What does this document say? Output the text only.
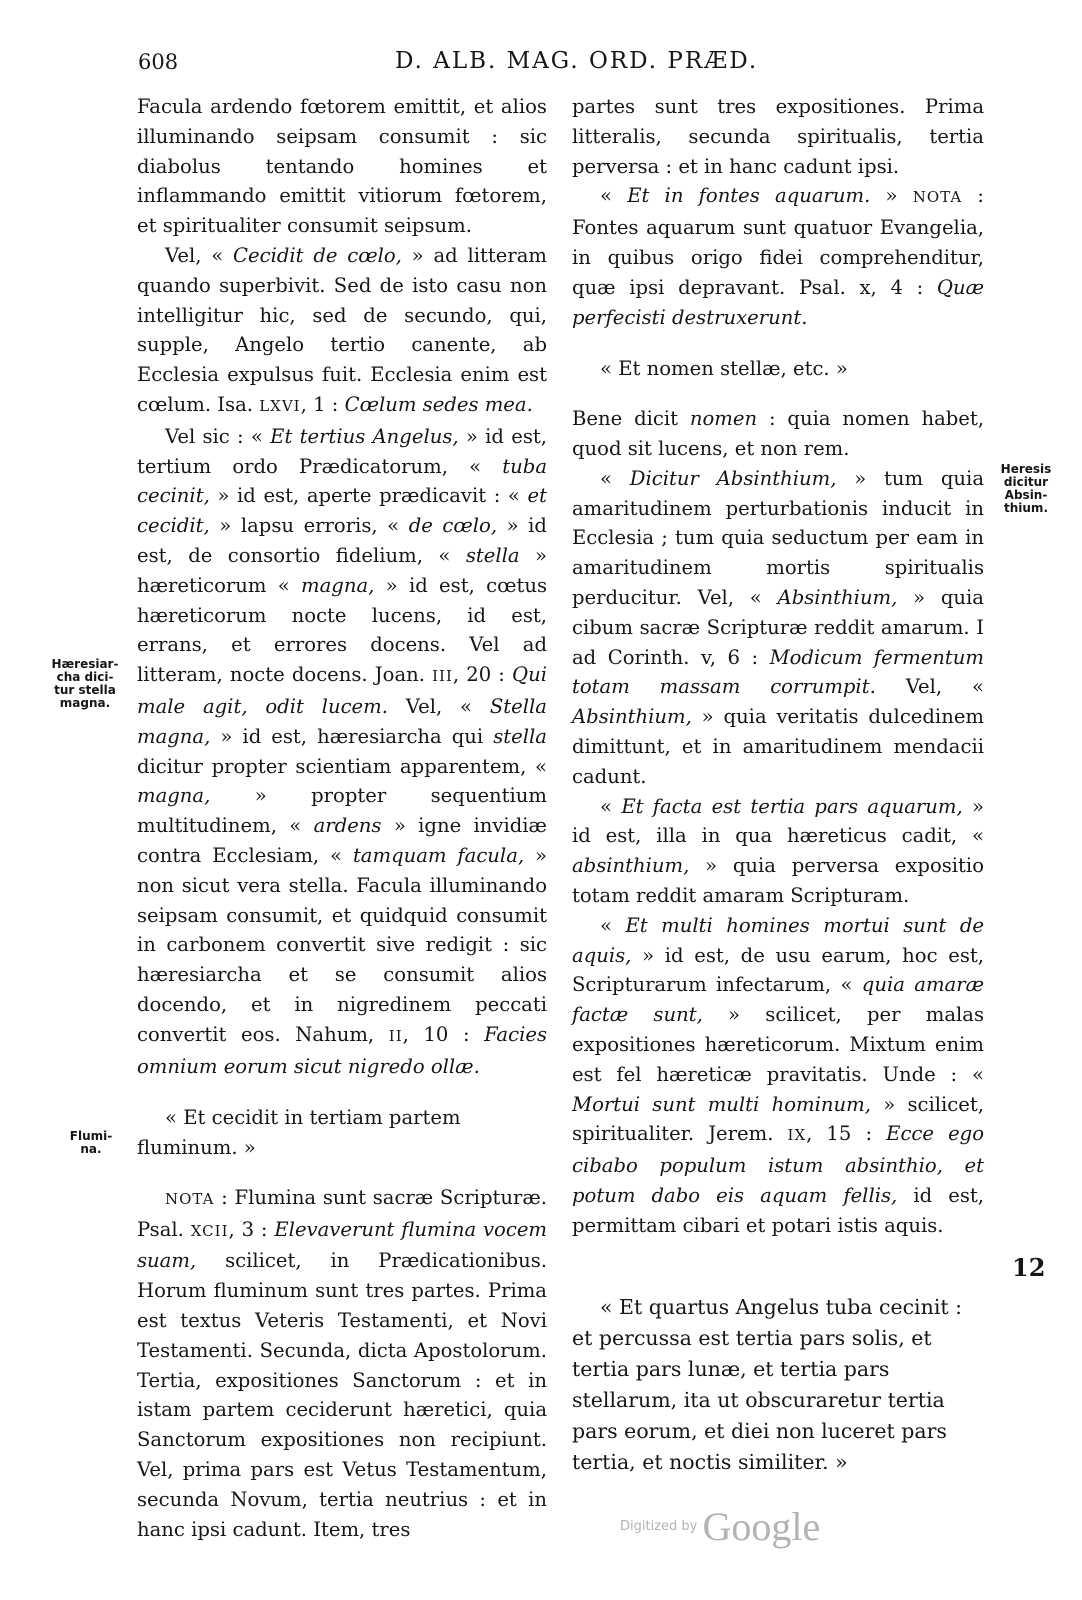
608	D. ALB. MAG. ORD. PRÆD.

Facula ardendo fœtorem emittit, et alios illuminando seipsam consumit : sic diabolus tentando homines et inflammando emittit vitiorum fœtorem, et spiritualiter consumit seipsum.

Vel, « Cecidit de cœlo, » ad litteram quando superbivit. Sed de isto casu non intelligitur hic, sed de secundo, qui, supple, Angelo tertio canente, ab Ecclesia expulsus fuit. Ecclesia enim est cœlum. Isa. LXVI, 1 : Cœlum sedes mea.

Vel sic : « Et tertius Angelus, » id est, tertium ordo Prædicatorum, « tuba cecinit, » id est, aperte prædicavit : « et cecidit, » lapsu erroris, « de cœlo, » id est, de consortio fidelium, « stella » hæreticorum « magna, » id est, cœtus hæreticorum nocte lucens, id est, errans, et errores docens. Vel ad litteram, nocte docens. Joan. III, 20 : Qui male agit, odit lucem. Vel, « Stella magna, » id est, hæresiarcha qui stella dicitur propter scientiam apparentem, « magna, » propter sequentium multitudinem, « ardens » igne invidiæ contra Ecclesiam, « tamquam facula, » non sicut vera stella. Facula illuminando seipsam consumit, et quidquid consumit in carbonem convertit sive redigit : sic hæresiarcha et se consumit alios docendo, et in nigredinem peccati convertit eos. Nahum, II, 10 : Facies omnium eorum sicut nigredo ollæ.

« Et cecidit in tertiam partem fluminum. »

NOTA : Flumina sunt sacræ Scripturæ. Psal. XCII, 3 : Elevaverunt flumina vocem suam, scilicet, in Prædicationibus. Horum fluminum sunt tres partes. Prima est textus Veteris Testamenti, et Novi Testamenti. Secunda, dicta Apostolorum. Tertia, expositiones Sanctorum : et in istam partem ceciderunt hæretici, quia Sanctorum expositiones non recipiunt. Vel, prima pars est Vetus Testamentum, secunda Novum, tertia neutrius : et in hanc ipsi cadunt. Item, tres

partes sunt tres expositiones. Prima litteralis, secunda spiritualis, tertia perversa : et in hanc cadunt ipsi.

« Et in fontes aquarum. » NOTA : Fontes aquarum sunt quatuor Evangelia, in quibus origo fidei comprehenditur, quæ ipsi depravant. Psal. x, 4 : Quæ perfecisti destruxerunt.

« Et nomen stellæ, etc. »

Bene dicit nomen : quia nomen habet, quod sit lucens, et non rem.

« Dicitur Absinthium, » tum quia amaritudinem perturbationis inducit in Ecclesia ; tum quia seductum per eam in amaritudinem mortis spiritualis perducitur. Vel, « Absinthium, » quia cibum sacræ Scripturæ reddit amarum. I ad Corinth. v, 6 : Modicum fermentum totam massam corrumpit. Vel, « Absinthium, » quia veritatis dulcedinem dimittunt, et in amaritudinem mendacii cadunt.

« Et facta est tertia pars aquarum, » id est, illa in qua hæreticus cadit, « absinthium, » quia perversa expositio totam reddit amaram Scripturam.

« Et multi homines mortui sunt de aquis, » id est, de usu earum, hoc est, Scripturarum infectarum, « quia amaræ factæ sunt, » scilicet, per malas expositiones hæreticorum. Mixtum enim est fel hæreticæ pravitatis. Unde : « Mortui sunt multi hominum, » scilicet, spiritualiter. Jerem. IX, 15 : Ecce ego cibabo populum istum absinthio, et potum dabo eis aquam fellis, id est, permittam cibari et potari istis aquis.

« Et quartus Angelus tuba cecinit : et percussa est tertia pars solis, et tertia pars lunæ, et tertia pars stellarum, ita ut obscuraretur tertia pars eorum, et diei non luceret pars tertia, et noctis similiter. »

Hæresiar-
cha dici-
tur stella
magna.
Flumi-
na.
Heresis
dicitur
Absin-
thium.
12
Digitized by Google
